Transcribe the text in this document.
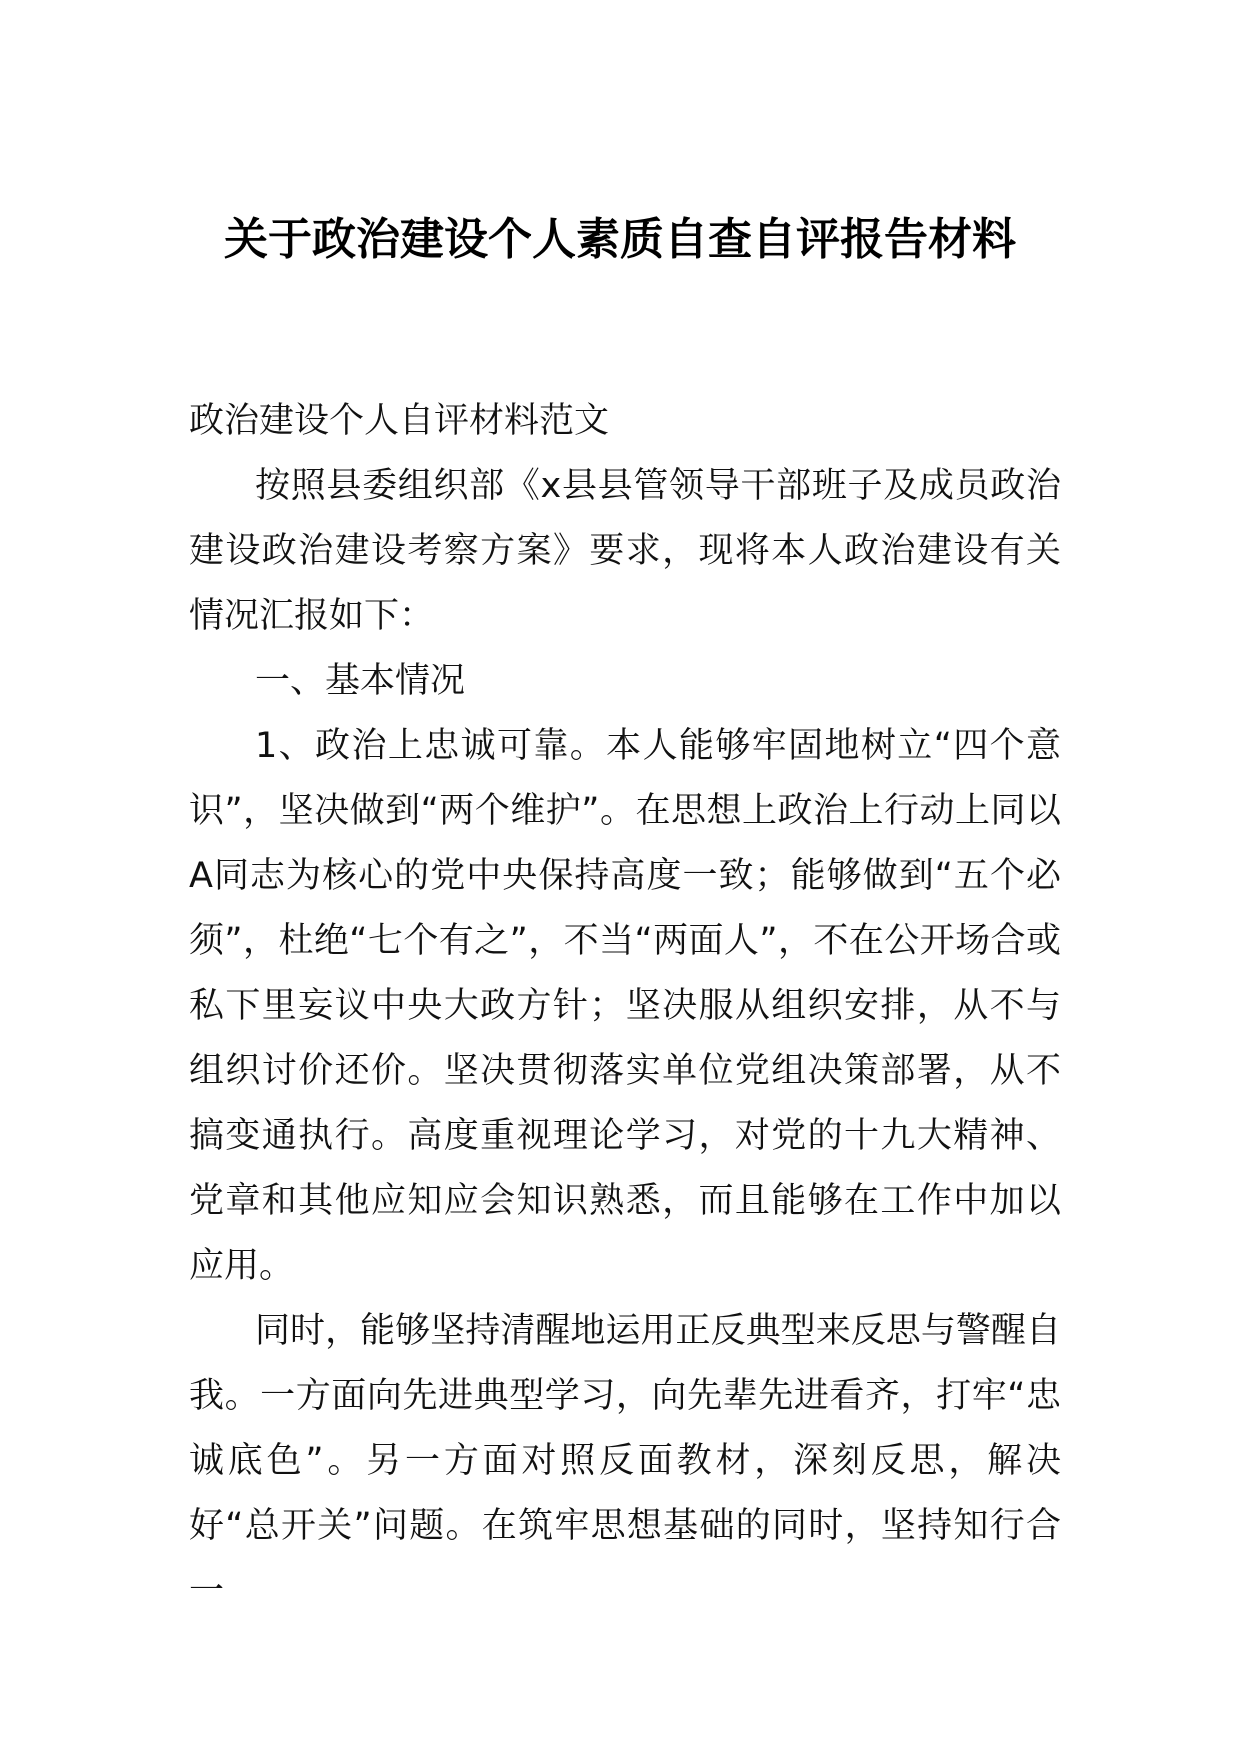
关于政治建设个人素质自查自评报告材料

政治建设个人自评材料范文

按照县委组织部《x县县管领导干部班子及成员政治建设政治建设考察方案》要求，现将本人政治建设有关情况汇报如下：

一、基本情况

1、政治上忠诚可靠。本人能够牢固地树立“四个意识”，坚决做到“两个维护”。在思想上政治上行动上同以A同志为核心的党中央保持高度一致；能够做到“五个必须”，杜绝“七个有之”，不当“两面人”，不在公开场合或私下里妄议中央大政方针；坚决服从组织安排，从不与组织讨价还价。坚决贯彻落实单位党组决策部署，从不搞变通执行。高度重视理论学习，对党的十九大精神、党章和其他应知应会知识熟悉，而且能够在工作中加以应用。

同时，能够坚持清醒地运用正反典型来反思与警醒自我。一方面向先进典型学习，向先辈先进看齐，打牢“忠诚底色”。另一方面对照反面教材，深刻反思，解决好“总开关”问题。在筑牢思想基础的同时，坚持知行合一
